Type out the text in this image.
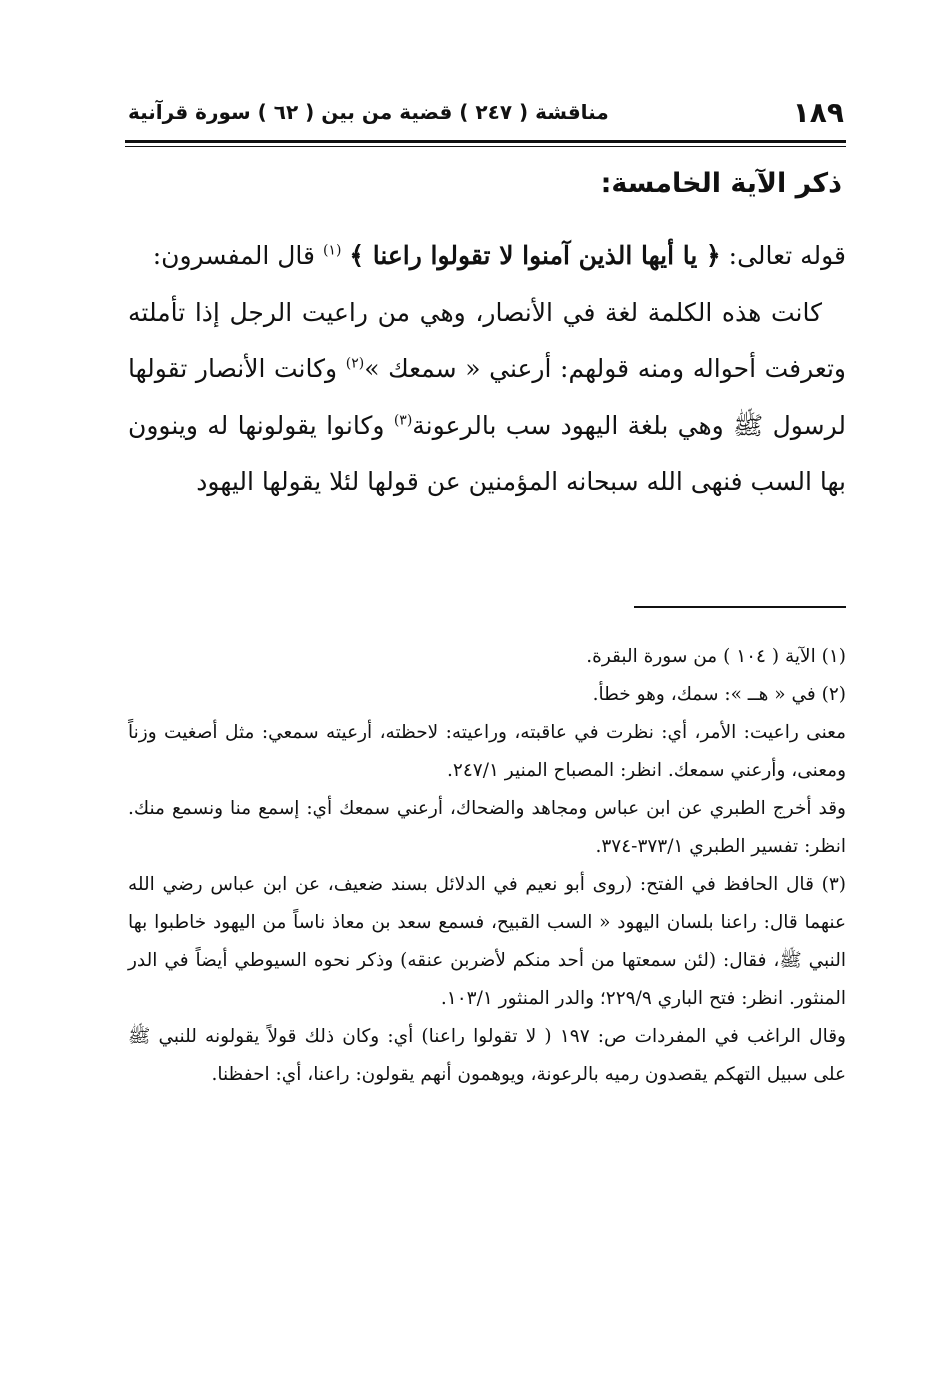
١٨٩
مناقشة ( ٢٤٧ ) قضية من بين ( ٦٢ ) سورة قرآنية
ذكر الآية الخامسة:

قوله تعالى: ﴿ يا أيها الذين آمنوا لا تقولوا راعنا ﴾ $^{(١)}$ قال المفسرون:

كانت هذه الكلمة لغة في الأنصار، وهي من راعيت الرجل إذا تأملته وتعرفت أحواله ومنه قولهم: أرعني « سمعك »$^{(٢)}$ وكانت الأنصار تقولها لرسول ﷺ وهي بلغة اليهود سب بالرعونة$^{(٣)}$ وكانوا يقولونها له وينوون بها السب فنهى الله سبحانه المؤمنين عن قولها لئلا يقولها اليهود

(١) الآية ( ١٠٤ ) من سورة البقرة.

(٢) في « هــ »: سمك، وهو خطأ.

معنى راعيت: الأمر، أي: نظرت في عاقبته، وراعيته: لاحظته، أرعيته سمعي: مثل أصغيت وزناً ومعنى، وأرعني سمعك. انظر: المصباح المنير ٢٤٧/١.

وقد أخرج الطبري عن ابن عباس ومجاهد والضحاك، أرعني سمعك أي: إسمع منا ونسمع منك. انظر: تفسير الطبري ٣٧٣/١-٣٧٤.

(٣) قال الحافظ في الفتح: (روى أبو نعيم في الدلائل بسند ضعيف، عن ابن عباس رضي الله عنهما قال: راعنا بلسان اليهود « السب القبيح، فسمع سعد بن معاذ ناساً من اليهود خاطبوا بها النبي ﷺ، فقال: (لئن سمعتها من أحد منكم لأضربن عنقه) وذكر نحوه السيوطي أيضاً في الدر المنثور. انظر: فتح الباري ٢٢٩/٩؛ والدر المنثور ١٠٣/١.

وقال الراغب في المفردات ص: ١٩٧ ( لا تقولوا راعنا) أي: وكان ذلك قولاً يقولونه للنبي ﷺ على سبيل التهكم يقصدون رميه بالرعونة، ويوهمون أنهم يقولون: راعنا، أي: احفظنا.
